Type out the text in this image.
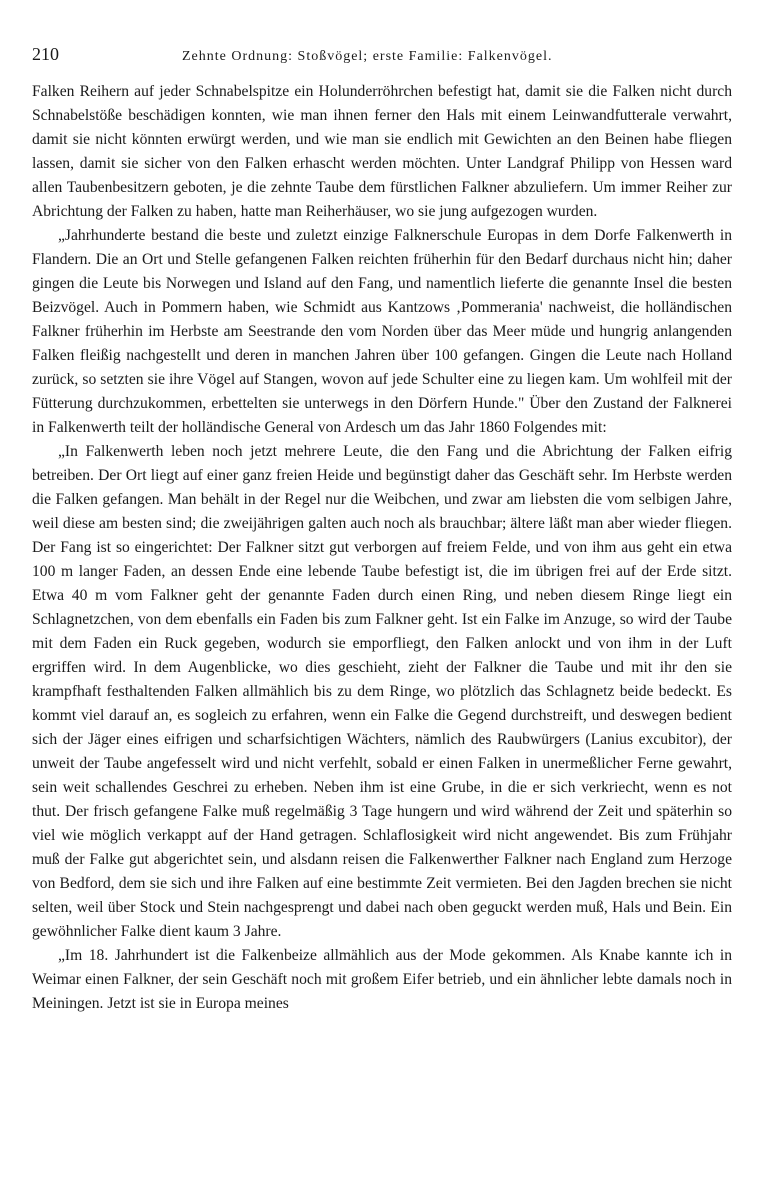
210	Zehnte Ordnung: Stoßvögel; erste Familie: Falkenvögel.

Falken Reihern auf jeder Schnabelspitze ein Holunderröhrchen befestigt hat, damit sie die Falken nicht durch Schnabelstöße beschädigen konnten, wie man ihnen ferner den Hals mit einem Leinwandfutterale verwahrt, damit sie nicht könnten erwürgt werden, und wie man sie endlich mit Gewichten an den Beinen habe fliegen lassen, damit sie sicher von den Falken erhascht werden möchten. Unter Landgraf Philipp von Hessen ward allen Taubenbesitzern geboten, je die zehnte Taube dem fürstlichen Falkner abzuliefern. Um immer Reiher zur Abrichtung der Falken zu haben, hatte man Reiherhäuser, wo sie jung aufgezogen wurden.

„Jahrhunderte bestand die beste und zuletzt einzige Falknerschule Europas in dem Dorfe Falkenwerth in Flandern. Die an Ort und Stelle gefangenen Falken reichten früherhin für den Bedarf durchaus nicht hin; daher gingen die Leute bis Norwegen und Island auf den Fang, und namentlich lieferte die genannte Insel die besten Beizvögel. Auch in Pommern haben, wie Schmidt aus Kantzows ‚Pommerania' nachweist, die holländischen Falkner früherhin im Herbste am Seestrande den vom Norden über das Meer müde und hungrig anlangenden Falken fleißig nachgestellt und deren in manchen Jahren über 100 gefangen. Gingen die Leute nach Holland zurück, so setzten sie ihre Vögel auf Stangen, wovon auf jede Schulter eine zu liegen kam. Um wohlfeil mit der Fütterung durchzukommen, erbettelten sie unterwegs in den Dörfern Hunde." Über den Zustand der Falknerei in Falkenwerth teilt der holländische General von Ardesch um das Jahr 1860 Folgendes mit:

„In Falkenwerth leben noch jetzt mehrere Leute, die den Fang und die Abrichtung der Falken eifrig betreiben. Der Ort liegt auf einer ganz freien Heide und begünstigt daher das Geschäft sehr. Im Herbste werden die Falken gefangen. Man behält in der Regel nur die Weibchen, und zwar am liebsten die vom selbigen Jahre, weil diese am besten sind; die zweijährigen galten auch noch als brauchbar; ältere läßt man aber wieder fliegen. Der Fang ist so eingerichtet: Der Falkner sitzt gut verborgen auf freiem Felde, und von ihm aus geht ein etwa 100 m langer Faden, an dessen Ende eine lebende Taube befestigt ist, die im übrigen frei auf der Erde sitzt. Etwa 40 m vom Falkner geht der genannte Faden durch einen Ring, und neben diesem Ringe liegt ein Schlagnetzchen, von dem ebenfalls ein Faden bis zum Falkner geht. Ist ein Falke im Anzuge, so wird der Taube mit dem Faden ein Ruck gegeben, wodurch sie emporfliegt, den Falken anlockt und von ihm in der Luft ergriffen wird. In dem Augenblicke, wo dies geschieht, zieht der Falkner die Taube und mit ihr den sie krampfhaft festhaltenden Falken allmählich bis zu dem Ringe, wo plötzlich das Schlagnetz beide bedeckt. Es kommt viel darauf an, es sogleich zu erfahren, wenn ein Falke die Gegend durchstreift, und deswegen bedient sich der Jäger eines eifrigen und scharfsichtigen Wächters, nämlich des Raubwürgers (Lanius excubitor), der unweit der Taube angefesselt wird und nicht verfehlt, sobald er einen Falken in unermeßlicher Ferne gewahrt, sein weit schallendes Geschrei zu erheben. Neben ihm ist eine Grube, in die er sich verkriecht, wenn es not thut. Der frisch gefangene Falke muß regelmäßig 3 Tage hungern und wird während der Zeit und späterhin so viel wie möglich verkappt auf der Hand getragen. Schlaflosigkeit wird nicht angewendet. Bis zum Frühjahr muß der Falke gut abgerichtet sein, und alsdann reisen die Falkenwerther Falkner nach England zum Herzoge von Bedford, dem sie sich und ihre Falken auf eine bestimmte Zeit vermieten. Bei den Jagden brechen sie nicht selten, weil über Stock und Stein nachgesprengt und dabei nach oben geguckt werden muß, Hals und Bein. Ein gewöhnlicher Falke dient kaum 3 Jahre.

„Im 18. Jahrhundert ist die Falkenbeize allmählich aus der Mode gekommen. Als Knabe kannte ich in Weimar einen Falkner, der sein Geschäft noch mit großem Eifer betrieb, und ein ähnlicher lebte damals noch in Meiningen. Jetzt ist sie in Europa meines
